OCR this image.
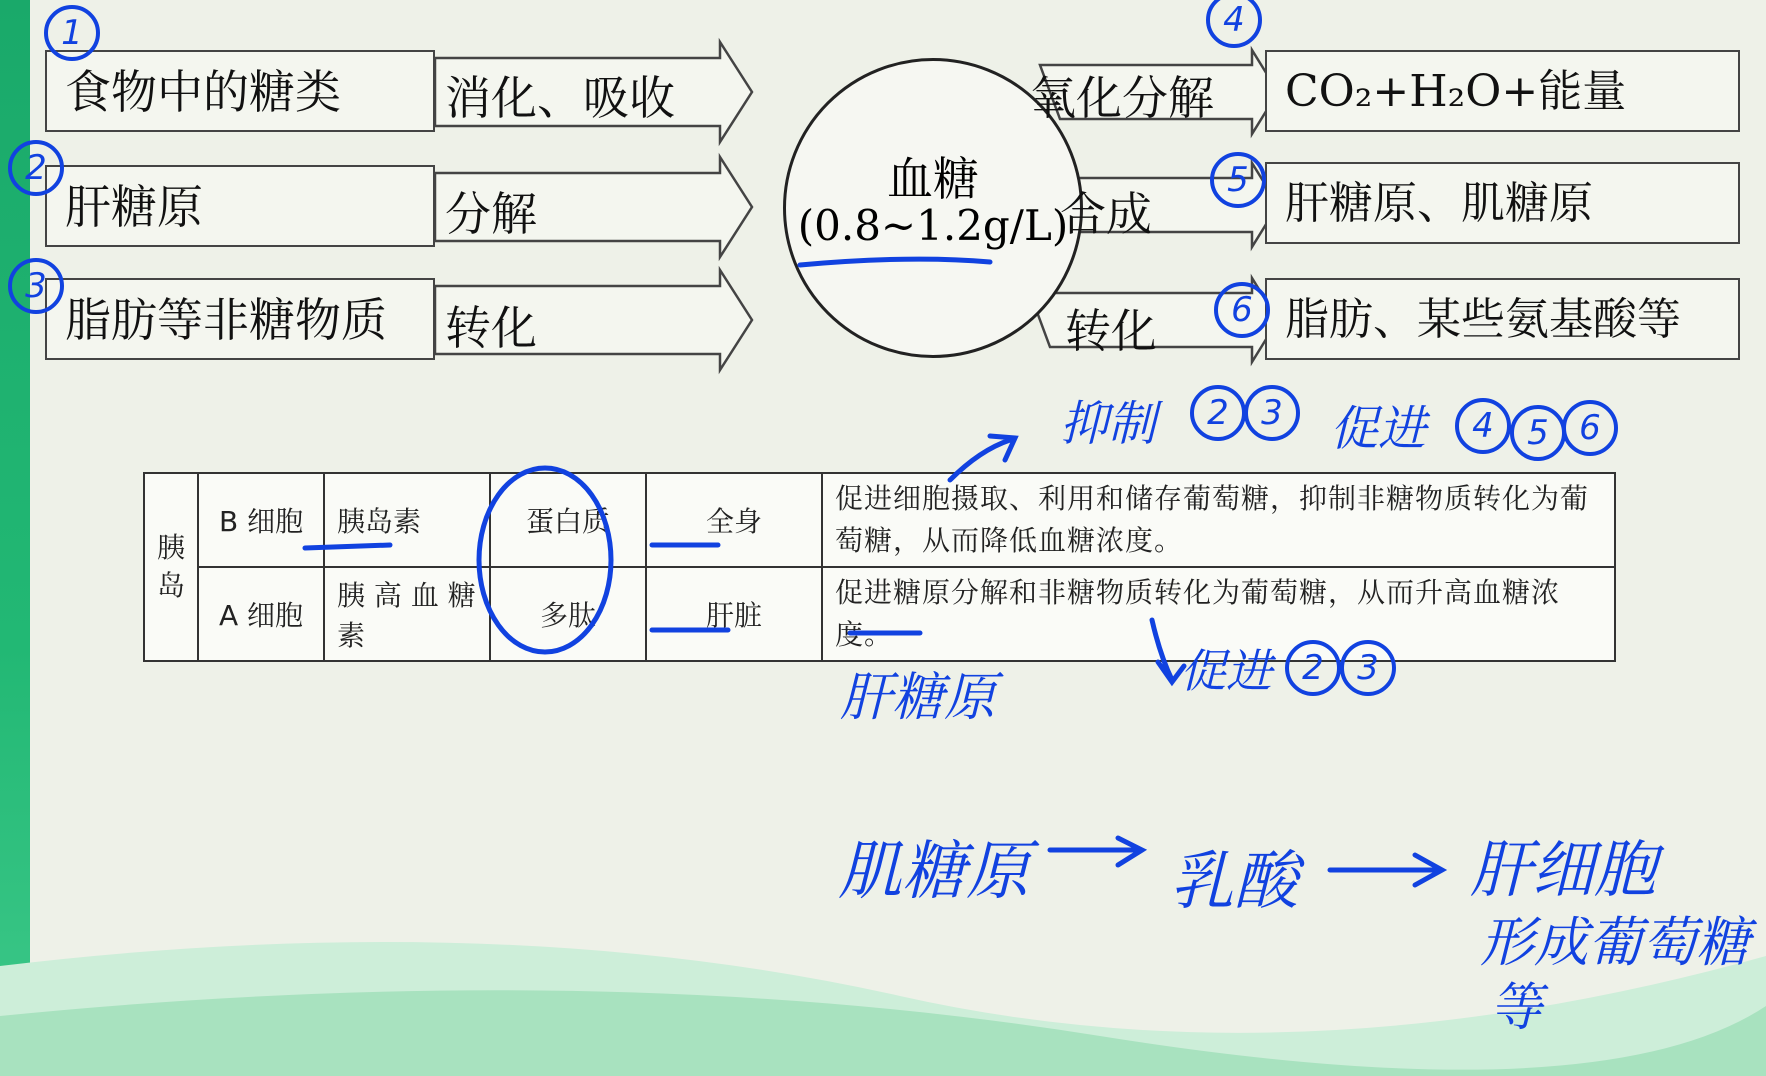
食物中的糖类
肝糖原
脂肪等非糖物质
消化、吸收
分解
转化
血糖
(0.8~1.2g/L)
氧化分解
合成
转化
CO₂+H₂O+能量
肝糖原、肌糖原
脂肪、某些氨基酸等
1
2
3
4
5
6
抑制	2 3 促进	4 5 6
胰岛	B 细胞	胰岛素	蛋白质	全身	促进细胞摄取、利用和储存葡萄糖，抑制非糖物质转化为葡萄糖，从而降低血糖浓度。
	A 细胞	胰 高 血 糖 素	多肽	肝脏	促进糖原分解和非糖物质转化为葡萄糖，从而升高血糖浓度。
肝糖原	促进 2 3
肌糖原 乳酸	肝细胞
形成葡萄糖
等
